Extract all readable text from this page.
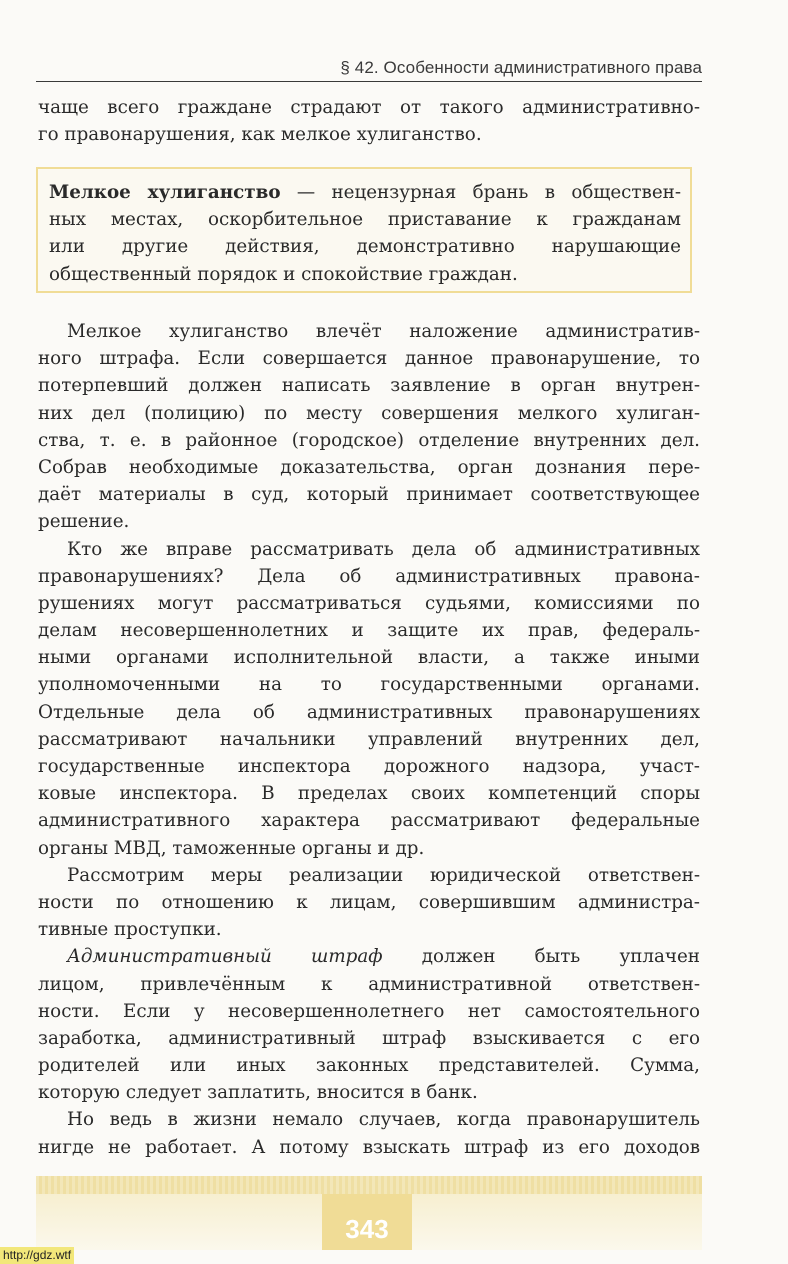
§ 42. Особенности административного права
чаще всего граждане страдают от такого административно-
го правонарушения, как мелкое хулиганство.
Мелкое хулиганство — нецензурная брань в обществен-
ных местах, оскорбительное приставание к гражданам
или другие действия, демонстративно нарушающие
общественный порядок и спокойствие граждан.
Мелкое хулиганство влечёт наложение административ-
ного штрафа. Если совершается данное правонарушение, то
потерпевший должен написать заявление в орган внутрен-
них дел (полицию) по месту совершения мелкого хулиган-
ства, т. е. в районное (городское) отделение внутренних дел.
Собрав необходимые доказательства, орган дознания пере-
даёт материалы в суд, который принимает соответствующее
решение.
Кто же вправе рассматривать дела об административных
правонарушениях? Дела об административных правона-
рушениях могут рассматриваться судьями, комиссиями по
делам несовершеннолетних и защите их прав, федераль-
ными органами исполнительной власти, а также иными
уполномоченными на то государственными органами.
Отдельные дела об административных правонарушениях
рассматривают начальники управлений внутренних дел,
государственные инспектора дорожного надзора, участ-
ковые инспектора. В пределах своих компетенций споры
административного характера рассматривают федеральные
органы МВД, таможенные органы и др.
Рассмотрим меры реализации юридической ответствен-
ности по отношению к лицам, совершившим администра-
тивные проступки.
Административный штраф должен быть уплачен
лицом, привлечённым к административной ответствен-
ности. Если у несовершеннолетнего нет самостоятельного
заработка, административный штраф взыскивается с его
родителей или иных законных представителей. Сумма,
которую следует заплатить, вносится в банк.
Но ведь в жизни немало случаев, когда правонарушитель
нигде не работает. А потому взыскать штраф из его доходов
343
http://gdz.wtf
